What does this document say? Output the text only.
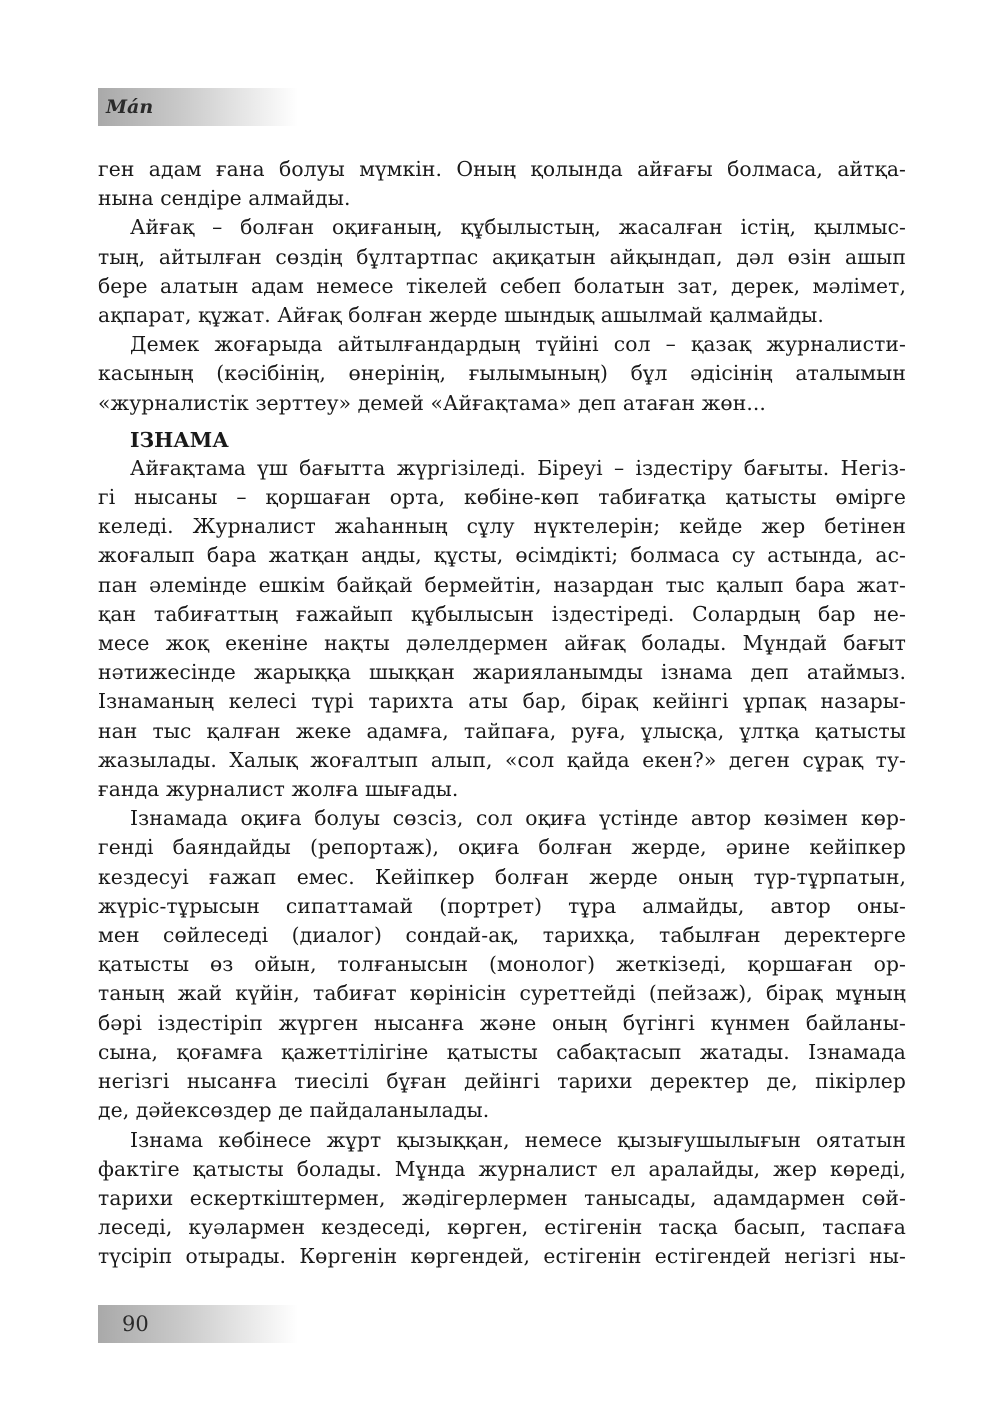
Mán

ген адам ғана болуы мүмкін. Оның қолында айғағы болмаса, айтқа-

нына сендіре алмайды.

Айғақ – болған оқиғаның, құбылыстың, жасалған істің, қылмыс-

тың, айтылған сөздің бұлтартпас ақиқатын айқындап, дәл өзін ашып

бере алатын адам немесе тікелей себеп болатын зат, дерек, мәлімет,

ақпарат, құжат. Айғақ болған жерде шындық ашылмай қалмайды.

Демек жоғарыда айтылғандардың түйіні сол – қазақ журналисти-

касының (кәсібінің, өнерінің, ғылымының) бұл әдісінің аталымын

«журналистік зерттеу» демей «Айғақтама» деп атаған жөн...

ІЗНАМА

Айғақтама үш бағытта жүргізіледі. Біреуі – іздестіру бағыты. Негіз-

гі нысаны – қоршаған орта, көбіне-көп табиғатқа қатысты өмірге

келеді. Журналист жаһанның сұлу нүктелерін; кейде жер бетінен

жоғалып бара жатқан аңды, құсты, өсімдікті; болмаса су астында, ас-

пан әлемінде ешкім байқай бермейтін, назардан тыс қалып бара жат-

қан табиғаттың ғажайып құбылысын іздестіреді. Солардың бар не-

месе жоқ екеніне нақты дәлелдермен айғақ болады. Мұндай бағыт

нәтижесінде жарыққа шыққан жарияланымды ізнама деп атаймыз.

Ізнаманың келесі түрі тарихта аты бар, бірақ кейінгі ұрпақ назары-

нан тыс қалған жеке адамға, тайпаға, руға, ұлысқа, ұлтқа қатысты

жазылады. Халық жоғалтып алып, «сол қайда екен?» деген сұрақ ту-

ғанда журналист жолға шығады.

Ізнамада оқиға болуы сөзсіз, сол оқиға үстінде автор көзімен көр-

генді баяндайды (репортаж), оқиға болған жерде, әрине кейіпкер

кездесуі ғажап емес. Кейіпкер болған жерде оның түр-тұрпатын,

жүріс-тұрысын сипаттамай (портрет) тұра алмайды, автор оны-

мен сөйлеседі (диалог) сондай-ақ, тарихқа, табылған деректерге

қатысты өз ойын, толғанысын (монолог) жеткізеді, қоршаған ор-

таның жай күйін, табиғат көрінісін суреттейді (пейзаж), бірақ мұның

бәрі іздестіріп жүрген нысанға және оның бүгінгі күнмен байланы-

сына, қоғамға қажеттілігіне қатысты сабақтасып жатады. Ізнамада

негізгі нысанға тиесілі бұған дейінгі тарихи деректер де, пікірлер

де, дәйексөздер де пайдаланылады.

Ізнама көбінесе жұрт қызыққан, немесе қызығушылығын оятатын

фактіге қатысты болады. Мұнда журналист ел аралайды, жер көреді,

тарихи ескерткіштермен, жәдігерлермен танысады, адамдармен сөй-

леседі, куәлармен кездеседі, көрген, естігенін тасқа басып, таспаға

түсіріп отырады. Көргенін көргендей, естігенін естігендей негізгі ны-

90
